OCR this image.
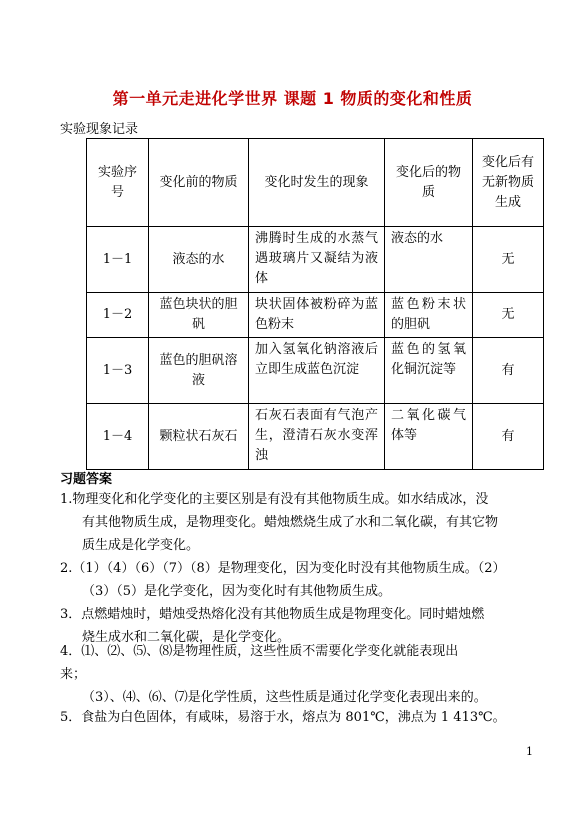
第一单元走进化学世界 课题 1 物质的变化和性质
实验现象记录
实验序号	变化前的物质	变化时发生的现象	变化后的物质	变化后有无新物质生成
1－1	液态的水	沸腾时生成的水蒸气遇玻璃片又凝结为液体	液态的水	无
1－2	蓝色块状的胆矾	块状固体被粉碎为蓝色粉末	蓝色粉末状的胆矾	无
1－3	蓝色的胆矾溶液	加入氢氧化钠溶液后立即生成蓝色沉淀	蓝色的氢氧化铜沉淀等	有
1－4	颗粒状石灰石	石灰石表面有气泡产生，澄清石灰水变浑浊	二氧化碳气体等	有
习题答案
1.物理变化和化学变化的主要区别是有没有其他物质生成。如水结成冰，没
有其他物质生成，是物理变化。蜡烛燃烧生成了水和二氧化碳，有其它物
质生成是化学变化。
2.（1）（4）（6）（7）（8）是物理变化，因为变化时没有其他物质生成。（2）
（3）（5）是化学变化，因为变化时有其他物质生成。
3．点燃蜡烛时，蜡烛受热熔化没有其他物质生成是物理变化。同时蜡烛燃
烧生成水和二氧化碳，是化学变化。
4．⑴、⑵、⑸、⑻是物理性质，这些性质不需要化学变化就能表现出
来；
（3）、⑷、⑹、⑺是化学性质，这些性质是通过化学变化表现出来的。
5．食盐为白色固体，有咸味，易溶于水，熔点为 801℃，沸点为 1 413℃。
1
